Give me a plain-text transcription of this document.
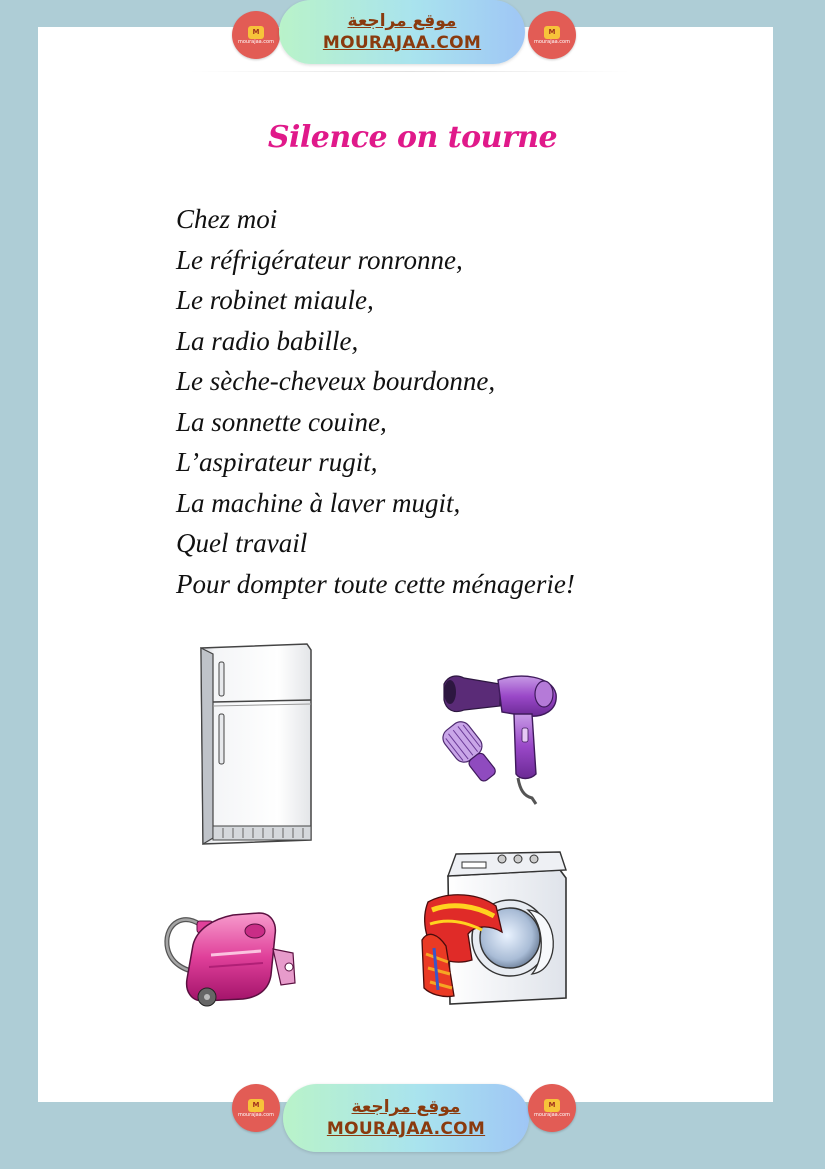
M
mourajaa.com
موقع مراجعة
MOURAJAA.COM
M
mourajaa.com
Silence on tourne
Chez moi
Le réfrigérateur ronronne,
Le robinet miaule,
La radio babille,
Le sèche-cheveux bourdonne,
La sonnette couine,
L’aspirateur rugit,
La machine à laver mugit,
Quel travail
Pour dompter toute cette ménagerie!
M
mourajaa.com	موقع مراجعة
MOURAJAA.COM
M
mourajaa.com
